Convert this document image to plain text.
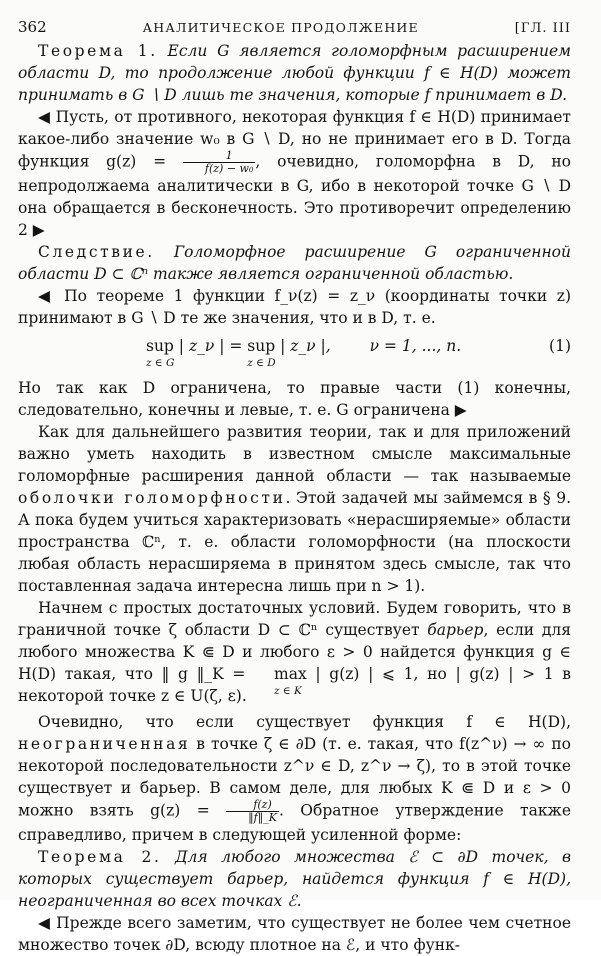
362	АНАЛИТИЧЕСКОЕ ПРОДОЛЖЕНИЕ	[ГЛ. III

Теорема 1. Если G является голоморфным расширением области D, то продолжение любой функции f ∈ H(D) может принимать в G ∖ D лишь те значения, которые f принимает в D.

◀ Пусть, от противного, некоторая функция f ∈ H(D) принимает какое-либо значение w₀ в G ∖ D, но не принимает его в D. Тогда функция $g(z) = \frac{1}{\text{f(z) − w₀}}$ , очевидно, голоморфна в D, но непродолжаема аналитически в G, ибо в некоторой точке G ∖ D она обращается в бесконечность. Это противоречит определению 2 ▶

Следствие. Голоморфное расширение G ограниченной области D ⊂ ℂⁿ также является ограниченной областью.

◀ По теореме 1 функции f_ν(z) = z_ν (координаты точки z) принимают в G ∖ D те же значения, что и в D, т. е.

sup
z ∈ G
| z_ν | = sup
z ∈ D
| z_ν |,	ν = 1, ..., n.	(1)

Но так как D ограничена, то правые части (1) конечны, следовательно, конечны и левые, т. е. G ограничена ▶

Как для дальнейшего развития теории, так и для приложений важно уметь находить в известном смысле максимальные голоморфные расширения данной области — так называемые оболочки голоморфности. Этой задачей мы займемся в § 9. А пока будем учиться характеризовать «нерасширяемые» области пространства ℂⁿ, т. е. области голоморфности (на плоскости любая область нерасширяема в принятом здесь смысле, так что поставленная задача интересна лишь при n > 1).

Начнем с простых достаточных условий. Будем говорить, что в граничной точке ζ области D ⊂ ℂⁿ существует барьер, если для любого множества K ⋐ D и любого ε > 0 найдется функция g ∈ H(D) такая, что ‖ g ‖_K = max
z ∈ K
| g(z) | ⩽ 1, но | g(z) | > 1 в некоторой точке z ∈ U(ζ, ε).

Очевидно, что если существует функция f ∈ H(D), неограниченная в точке ζ ∈ ∂D (т. е. такая, что f(z^ν) → ∞ по некоторой последовательности z^ν ∈ D, z^ν → ζ), то в этой точке существует и барьер. В самом деле, для любых K ⋐ D и ε > 0 можно взять $g(z) = \frac{f(z)}{‖f‖\_K}$ . Обратное утверждение также справедливо, причем в следующей усиленной форме:

Теорема 2. Для любого множества ℰ ⊂ ∂D точек, в которых существует барьер, найдется функция f ∈ H(D), неограниченная во всех точках ℰ.

◀ Прежде всего заметим, что существует не более чем счетное множество точек ∂D, всюду плотное на ℰ, и что функ-
